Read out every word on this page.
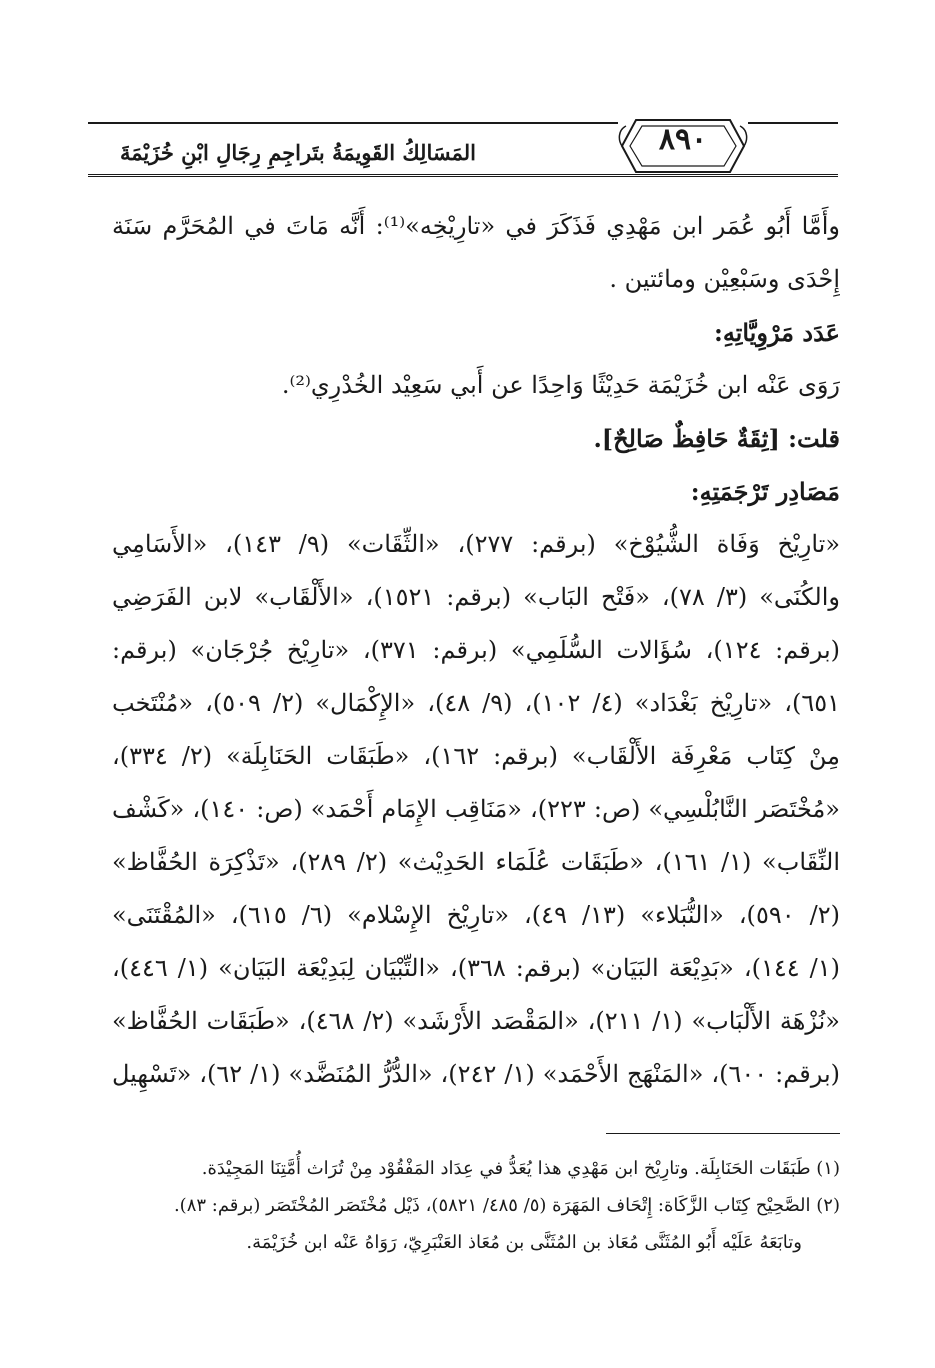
٨٩٠
المَسَالِكُ القَوِيمَةُ بتَراجِمِ رِجَالِ ابْنِ خُزَيْمَةَ
وأَمَّا أَبُو عُمَر ابن مَهْدِي فَذَكَرَ في «تارِيْخِه»⁽¹⁾: أَنَّه مَاتَ في المُحَرَّم سَنَة
إِحْدَى وسَبْعِيْن ومائتين .
عَدَد مَرْوِيَّاتِهِ:
رَوَى عَنْه ابن خُزَيْمَة حَدِيْثًا وَاحِدًا عن أَبي سَعِيْد الخُدْرِي⁽²⁾.
قلت: [ثِقَةٌ حَافِظٌ صَالِحٌ].
مَصَادِر تَرْجَمَتِهِ:
«تارِيْخ وَفَاة الشُّيُوْخ» (برقم: ٢٧٧)، «الثِّقَات» (٩/ ١٤٣)، «الأَسَامِي
والكُنَى» (٣/ ٧٨)، «فَتْح البَاب» (برقم: ١٥٢١)، «الأَلْقَاب» لابن الفَرَضِي
(برقم: ١٢٤)، سُؤَالات السُّلَمِي» (برقم: ٣٧١)، «تارِيْخ جُرْجَان» (برقم:
٦٥١)، «تارِيْخ بَغْدَاد» (٤/ ١٠٢)، (٩/ ٤٨)، «الإِكْمَال» (٢/ ٥٠٩)، «مُنْتَخب
مِنْ كِتَاب مَعْرِفَة الأَلْقَاب» (برقم: ١٦٢)، «طَبَقَات الحَنَابِلَة» (٢/ ٣٣٤)،
«مُخْتَصَر النَّابُلْسِي» (ص: ٢٢٣)، «مَنَاقِب الإِمَام أَحْمَد» (ص: ١٤٠)، «كَشْف
النِّقَاب» (١/ ١٦١)، «طَبَقَات عُلَمَاء الحَدِيْث» (٢/ ٢٨٩)، «تَذْكِرَة الحُفَّاظ»
(٢/ ٥٩٠)، «النُّبَلاء» (١٣/ ٤٩)، «تارِيْخ الإِسْلام» (٦/ ٦١٥)، «المُقْتَنَى»
(١/ ١٤٤)، «بَدِيْعَة البَيَان» (برقم: ٣٦٨)، «التِّبْيَان لِبَدِيْعَة البَيَان» (١/ ٤٤٦)،
«نُزْهَة الأَلْبَاب» (١/ ٢١١)، «المَقْصَد الأَرْشَد» (٢/ ٤٦٨)، «طَبَقَات الحُفَّاظ»
(برقم: ٦٠٠)، «المَنْهَج الأَحْمَد» (١/ ٢٤٢)، «الدُّرُّ المُنَضَّد» (١/ ٦٢)، «تَسْهِيل
(١) طَبَقَات الحَنَابِلَة. وتارِيْخ ابن مَهْدِي هذا يُعَدُّ في عِدَاد المَفْقُوْد مِنْ تُرَاث أُمَّتِنَا المَجِيْدَة.
(٢) الصَّحِيْح كِتَاب الزَّكَاة: إِتْحَاف المَهَرَة (٥/ ٤٨٥/ ٥٨٢١)، ذَيْل مُخْتَصَر المُخْتَصَر (برقم: ٨٣).
وتابَعَهُ عَلَيْه أَبُو المُثَنَّى مُعَاذ بن المُثَنَّى بن مُعَاذ العَنْبَرِيّ، رَوَاهُ عَنْه ابن خُزَيْمَة.
